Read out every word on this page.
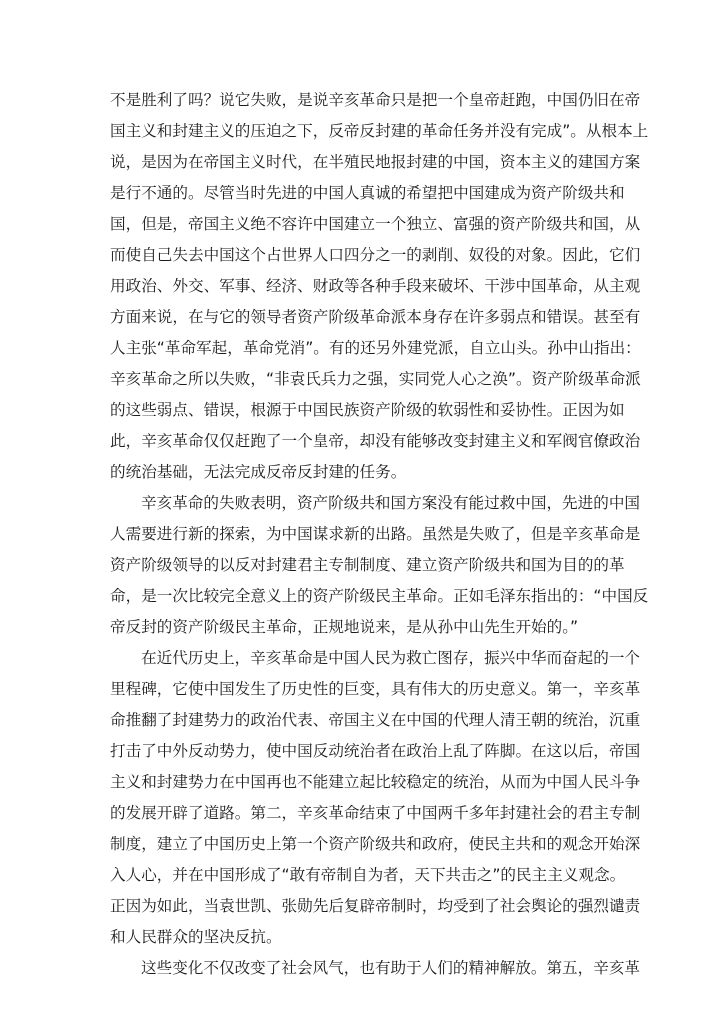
不是胜利了吗？说它失败，是说辛亥革命只是把一个皇帝赶跑，中国仍旧在帝
国主义和封建主义的压迫之下，反帝反封建的革命任务并没有完成”。从根本上
说，是因为在帝国主义时代，在半殖民地报封建的中国，资本主义的建国方案
是行不通的。尽管当时先进的中国人真诚的希望把中国建成为资产阶级共和
国，但是，帝国主义绝不容许中国建立一个独立、富强的资产阶级共和国，从
而使自己失去中国这个占世界人口四分之一的剥削、奴役的对象。因此，它们
用政治、外交、军事、经济、财政等各种手段来破坏、干涉中国革命，从主观
方面来说，在与它的领导者资产阶级革命派本身存在许多弱点和错误。甚至有
人主张“革命军起，革命党消”。有的还另外建党派，自立山头。孙中山指出：
辛亥革命之所以失败，“非袁氏兵力之强，实同党人心之涣”。资产阶级革命派
的这些弱点、错误，根源于中国民族资产阶级的软弱性和妥协性。正因为如
此，辛亥革命仅仅赶跑了一个皇帝，却没有能够改变封建主义和军阀官僚政治
的统治基础，无法完成反帝反封建的任务。
辛亥革命的失败表明，资产阶级共和国方案没有能过救中国，先进的中国
人需要进行新的探索，为中国谋求新的出路。虽然是失败了，但是辛亥革命是
资产阶级领导的以反对封建君主专制制度、建立资产阶级共和国为目的的革
命，是一次比较完全意义上的资产阶级民主革命。正如毛泽东指出的：“中国反
帝反封的资产阶级民主革命，正规地说来，是从孙中山先生开始的。”
在近代历史上，辛亥革命是中国人民为救亡图存，振兴中华而奋起的一个
里程碑，它使中国发生了历史性的巨变，具有伟大的历史意义。第一，辛亥革
命推翻了封建势力的政治代表、帝国主义在中国的代理人清王朝的统治，沉重
打击了中外反动势力，使中国反动统治者在政治上乱了阵脚。在这以后，帝国
主义和封建势力在中国再也不能建立起比较稳定的统治，从而为中国人民斗争
的发展开辟了道路。第二，辛亥革命结束了中国两千多年封建社会的君主专制
制度，建立了中国历史上第一个资产阶级共和政府，使民主共和的观念开始深
入人心，并在中国形成了“敢有帝制自为者，天下共击之”的民主主义观念。
正因为如此，当袁世凯、张勋先后复辟帝制时，均受到了社会舆论的强烈谴责
和人民群众的坚决反抗。
这些变化不仅改变了社会风气，也有助于人们的精神解放。第五，辛亥革
